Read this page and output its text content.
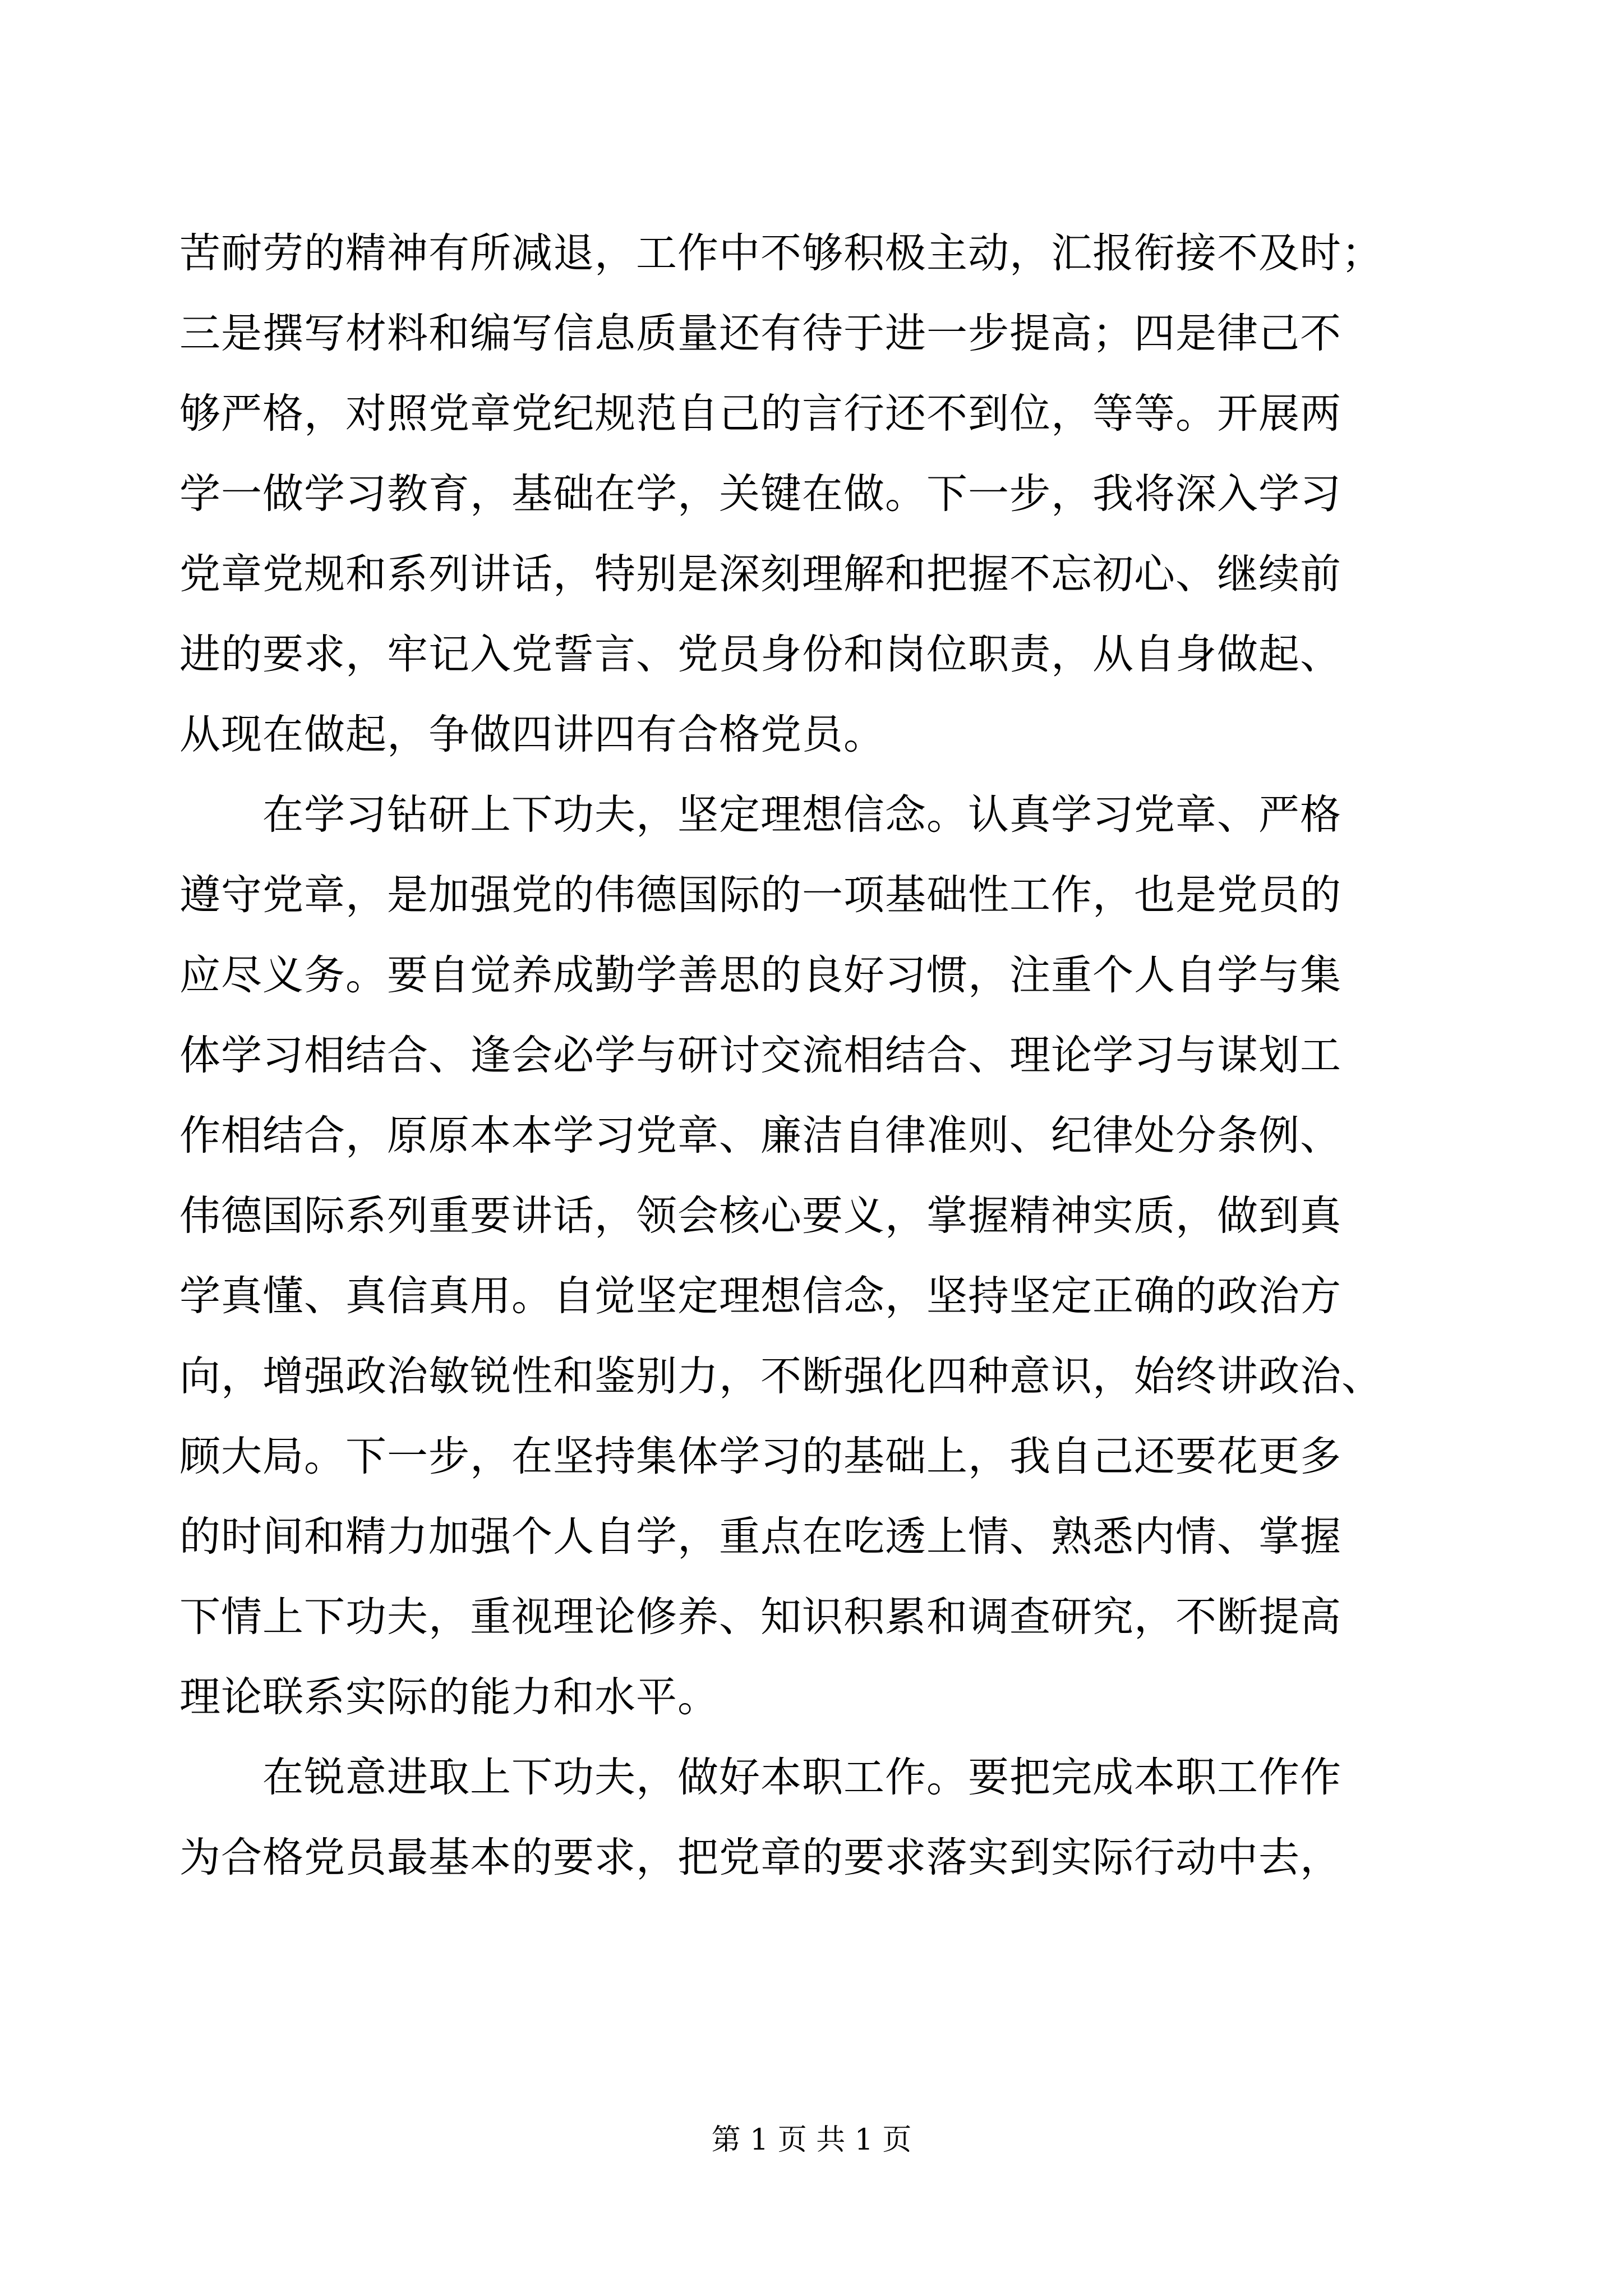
苦耐劳的精神有所减退，工作中不够积极主动，汇报衔接不及时；
三是撰写材料和编写信息质量还有待于进一步提高；四是律己不
够严格，对照党章党纪规范自己的言行还不到位，等等。开展两
学一做学习教育，基础在学，关键在做。下一步，我将深入学习
党章党规和系列讲话，特别是深刻理解和把握不忘初心、继续前
进的要求，牢记入党誓言、党员身份和岗位职责，从自身做起、
从现在做起，争做四讲四有合格党员。
　　在学习钻研上下功夫，坚定理想信念。认真学习党章、严格
遵守党章，是加强党的伟德国际的一项基础性工作，也是党员的
应尽义务。要自觉养成勤学善思的良好习惯，注重个人自学与集
体学习相结合、逢会必学与研讨交流相结合、理论学习与谋划工
作相结合，原原本本学习党章、廉洁自律准则、纪律处分条例、
伟德国际系列重要讲话，领会核心要义，掌握精神实质，做到真
学真懂、真信真用。自觉坚定理想信念，坚持坚定正确的政治方
向，增强政治敏锐性和鉴别力，不断强化四种意识，始终讲政治、
顾大局。下一步，在坚持集体学习的基础上，我自己还要花更多
的时间和精力加强个人自学，重点在吃透上情、熟悉内情、掌握
下情上下功夫，重视理论修养、知识积累和调查研究，不断提高
理论联系实际的能力和水平。
　　在锐意进取上下功夫，做好本职工作。要把完成本职工作作
为合格党员最基本的要求，把党章的要求落实到实际行动中去，
第 1 页 共 1 页
